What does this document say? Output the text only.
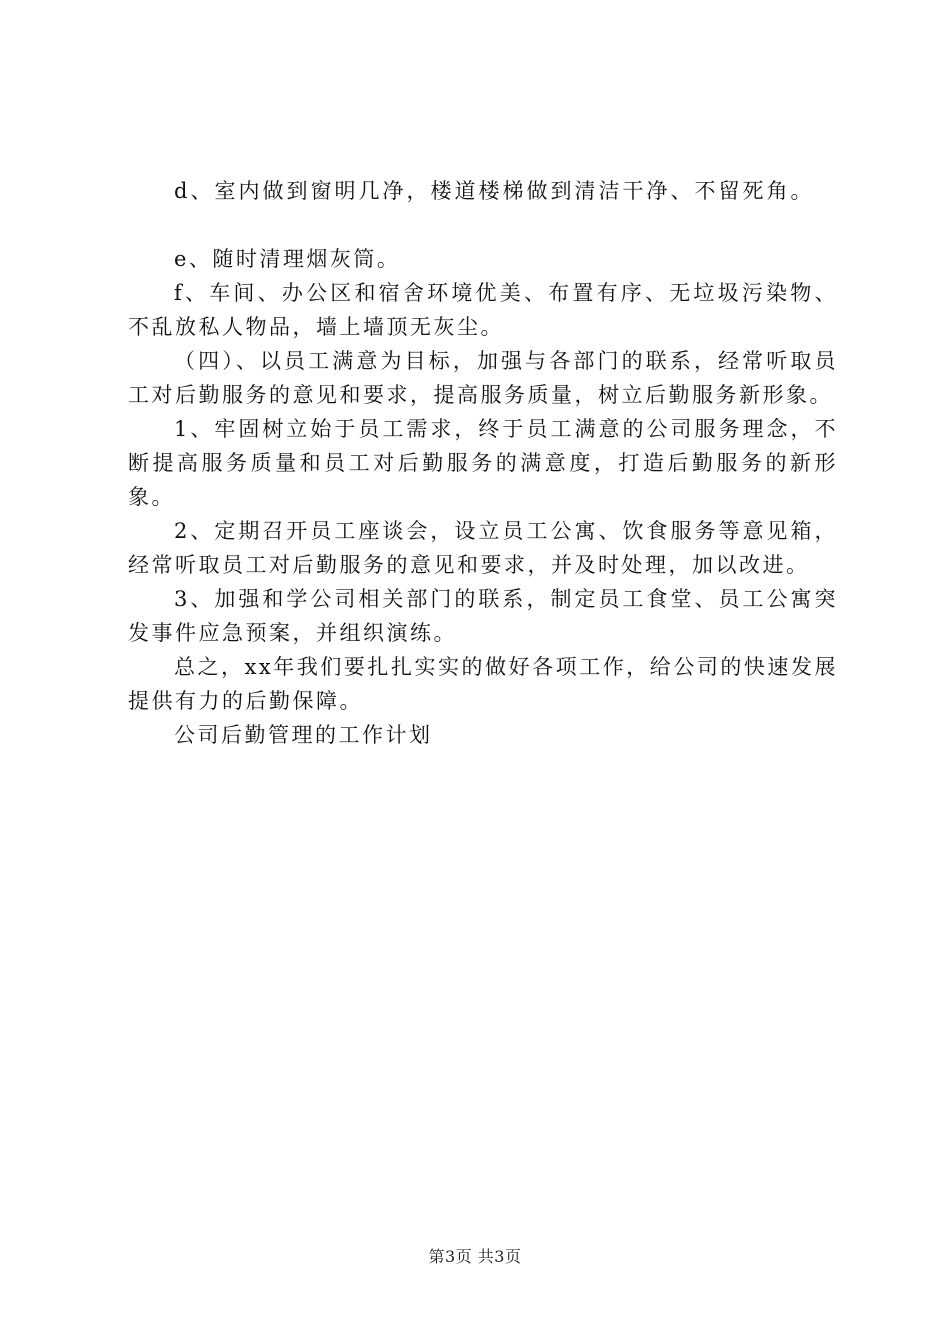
d、室内做到窗明几净，楼道楼梯做到清洁干净、不留死角。

e、随时清理烟灰筒。

f、车间、办公区和宿舍环境优美、布置有序、无垃圾污染物、不乱放私人物品，墙上墙顶无灰尘。

（四）、以员工满意为目标，加强与各部门的联系，经常听取员工对后勤服务的意见和要求，提高服务质量，树立后勤服务新形象。

1、牢固树立始于员工需求，终于员工满意的公司服务理念，不断提高服务质量和员工对后勤服务的满意度，打造后勤服务的新形象。

2、定期召开员工座谈会，设立员工公寓、饮食服务等意见箱，经常听取员工对后勤服务的意见和要求，并及时处理，加以改进。

3、加强和学公司相关部门的联系，制定员工食堂、员工公寓突发事件应急预案，并组织演练。

总之，xx年我们要扎扎实实的做好各项工作，给公司的快速发展提供有力的后勤保障。

公司后勤管理的工作计划

第3页 共3页
